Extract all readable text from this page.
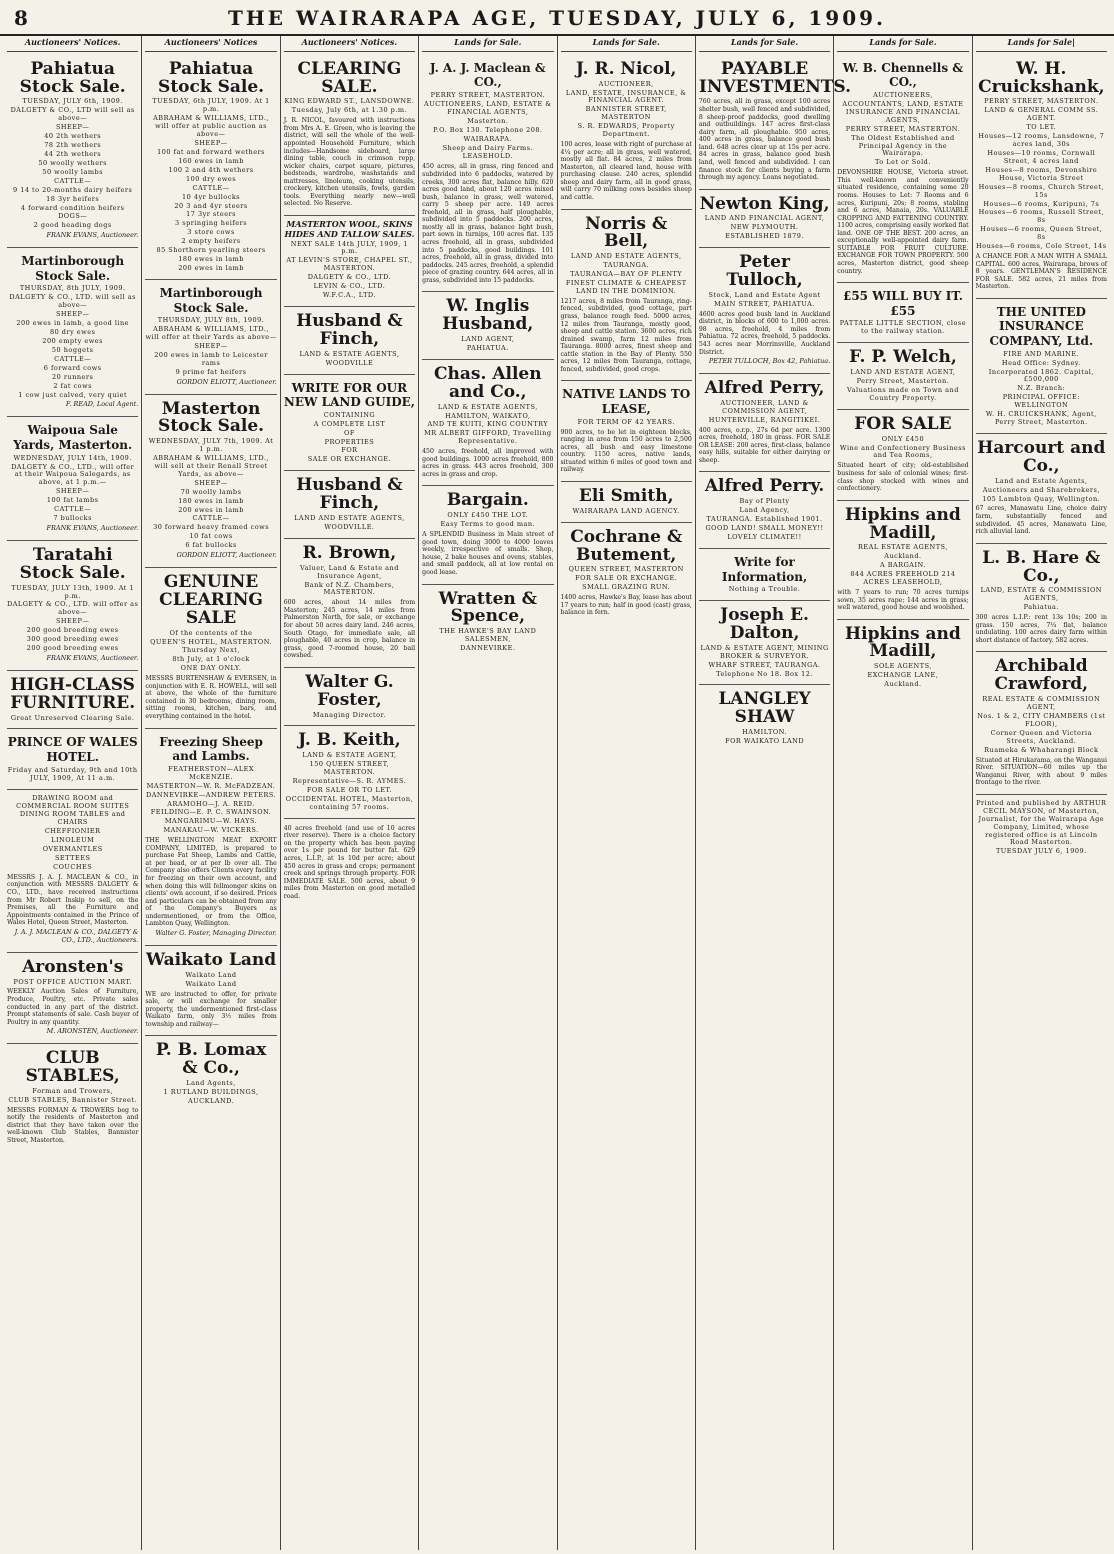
8	THE WAIRARAPA AGE, TUESDAY, JULY 6, 1909.
Auctioneers' Notices.
Pahiatua Stock Sale.
TUESDAY, JULY 6th, 1909.
DALGETY & CO., LTD will sell as above—
SHEEP—
40 2th wethers
78 2th wethers
44 2th wethers
50 woolly wethers
50 woolly lambs
CATTLE—
9 14 to 20-months dairy heifers
18 3yr heifers
4 forward condition heifers
DOGS—
2 good heading dogs
FRANK EVANS, Auctioneer.
Martinborough Stock Sale.
THURSDAY, 8th JULY, 1909.
DALGETY & CO., LTD. will sell as above—
SHEEP—
200 ewes in lamb, a good line
80 dry ewes
200 empty ewes
50 hoggets
CATTLE—
6 forward cows
20 runners
2 fat cows
1 cow just calved, very quiet
F. READ, Local Agent.
Waipoua Sale Yards, Masterton.
WEDNESDAY, JULY 14th, 1909.
DALGETY & CO., LTD., will offer at their Waipoua Salegards, as above, at 1 p.m.—
SHEEP—
100 fat lambs
CATTLE—
7 bullocks
FRANK EVANS, Auctioneer.
Taratahi Stock Sale.
TUESDAY, JULY 13th, 1909. At 1 p.m.
DALGETY & CO., LTD. will offer as above—
SHEEP—
200 good breeding ewes
300 good breeding ewes
200 good breeding ewes
FRANK EVANS, Auctioneer.
HIGH-CLASS FURNITURE.
Great Unreserved Clearing Sale.
PRINCE OF WALES HOTEL.
Friday and Saturday, 9th and 10th JULY, 1909, At 11 a.m.
DRAWING ROOM and COMMERCIAL ROOM SUITES
DINING ROOM TABLES and CHAIRS
CHEFFIONIER
LINOLEUM
OVERMANTLES
SETTEES
COUCHES

MESSRS J. A. J. MACLEAN & CO., in conjunction with MESSRS DALGETY & CO., LTD., have received instructions from Mr Robert Inskip to sell, on the Premises, all the Furniture and Appointments contained in the Prince of Wales Hotel, Queen Street, Masterton.

J. A. J. MACLEAN & CO., DALGETY & CO., LTD., Auctioneers.
Aronsten's
POST OFFICE AUCTION MART.

WEEKLY Auction Sales of Furniture, Produce, Poultry, etc. Private sales conducted in any part of the district. Prompt statements of sale. Cash buyer of Poultry in any quantity.

M. ARONSTEN, Auctioneer.
CLUB STABLES,
Forman and Trowers,
CLUB STABLES, Bannister Street.

MESSRS FORMAN & TROWERS beg to notify the residents of Masterton and district that they have taken over the well-known Club Stables, Bannister Street, Masterton.

Auctioneers' Notices
Pahiatua Stock Sale.
TUESDAY, 6th JULY, 1909. At 1 p.m.
ABRAHAM & WILLIAMS, LTD., will offer at public auction as above—
SHEEP—
100 fat and forward wethers
160 ewes in lamb
100 2 and 4th wethers
100 dry ewes
CATTLE—
10 4yr bullocks
20 3 and 4yr steers
17 3yr steers
3 springing heifers
3 store cows
2 empty heifers
85 Shorthorn yearling steers
180 ewes in lamb
200 ewes in lamb
Martinborough Stock Sale.
THURSDAY, JULY 8th, 1909.
ABRAHAM & WILLIAMS, LTD., will offer at their Yards as above—
SHEEP—
200 ewes in lamb to Leicester rams
9 prime fat heifers
GORDON ELIOTT, Auctioneer.
Masterton Stock Sale.
WEDNESDAY, JULY 7th, 1909. At 1 p.m.
ABRAHAM & WILLIAMS, LTD., will sell at their Renall Street Yards, as above—
SHEEP—
70 woolly lambs
180 ewes in lamb
200 ewes in lamb
CATTLE—
30 forward heavy framed cows
10 fat cows
6 fat bullocks
GORDON ELIOTT, Auctioneer.
GENUINE CLEARING SALE
Of the contents of the
QUEEN'S HOTEL, MASTERTON.
Thursday Next,
8th July, at 1 o'clock
ONE DAY ONLY.

MESSRS BURTENSHAW & EVERSEN, in conjunction with E. R. HOWELL, will sell at above, the whole of the furniture contained in 30 bedrooms, dining room, sitting rooms, kitchen, bars, and everything contained in the hotel.

Freezing Sheep and Lambs.
FEATHERSTON—ALEX McKENZIE.
MASTERTON—W. R. McFADZEAN.
DANNEVIRKE—ANDREW PETERS.
ARAMOHO—J. A. REID.
FEILDING—E. P. C. SWAINSON.
MANGARIMU—W. HAYS.
MANAKAU—W. VICKERS.

THE WELLINGTON MEAT EXPORT COMPANY, LIMITED, is prepared to purchase Fat Sheep, Lambs and Cattle, at per head, or at per lb over all. The Company also offers Clients every facility for freezing on their own account, and when doing this will fellmonger skins on clients' own account, if so desired. Prices and particulars can be obtained from any of the Company's Buyers as undermentioned, or from the Office, Lambton Quay, Wellington.

Walter G. Foster, Managing Director.
Waikato Land
Waikato Land
Waikato Land

WE are instructed to offer, for private sale, or will exchange for smaller property, the undermentioned first-class Waikato farm, only 3½ miles from township and railway—

P. B. Lomax & Co.,
Land Agents,
1 RUTLAND BUILDINGS,
AUCKLAND.
Auctioneers' Notices.
CLEARING SALE.
KING EDWARD ST., LANSDOWNE.
Tuesday, July 6th, at 1.30 p.m.

J. R. NICOL, favoured with instructions from Mrs A. E. Green, who is leaving the district, will sell the whole of the well-appointed Household Furniture, which includes—Handsome sideboard, large dining table, couch in crimson repp, wicker chairs, carpet square, pictures, bedsteads, wardrobe, washstands and mattresses, linoleum, cooking utensils, crockery, kitchen utensils, fowls, garden tools. Everything nearly new—well selected. No Reserve.

MASTERTON WOOL, SKINS HIDES AND TALLOW SALES.
NEXT SALE 14th JULY, 1909, 1 p.m.
AT LEVIN'S STORE, CHAPEL ST., MASTERTON.
DALGETY & CO., LTD.
LEVIN & CO., LTD.
W.F.C.A., LTD.
Husband & Finch,
LAND & ESTATE AGENTS,
WOODVILLE
WRITE FOR OUR NEW LAND GUIDE,
CONTAINING
A COMPLETE LIST
OF
PROPERTIES
FOR
SALE OR EXCHANGE.
Husband & Finch,
LAND AND ESTATE AGENTS,
WOODVILLE.
R. Brown,
Valuer, Land & Estate and Insurance Agent,
Bank of N.Z. Chambers, MASTERTON.

600 acres, about 14 miles from Masterton; 245 acres, 14 miles from Palmerston North, for sale, or exchange for about 50 acres dairy land. 246 acres, South Otago, for immediate sale, all ploughable, 40 acres in crop, balance in grass, good 7-roomed house, 20 bail cowshed.

Walter G. Foster,
Managing Director.
J. B. Keith,
LAND & ESTATE AGENT,
150 QUEEN STREET, MASTERTON.
Representative—S. R. AYMES.
FOR SALE OR TO LET.
OCCIDENTAL HOTEL, Masterton, containing 57 rooms.

40 acres freehold (and use of 10 acres river reserve). There is a choice factory on the property which has been paying over 1s per pound for butter fat. 629 acres, L.I.P., at 1s 10d per acre; about 450 acres in grass and crops; permanent creek and springs through property. FOR IMMEDIATE SALE. 500 acres, about 9 miles from Masterton on good metalled road.

Lands for Sale.
J. A. J. Maclean & CO.,
PERRY STREET, MASTERTON.
AUCTIONEERS, LAND, ESTATE & FINANCIAL AGENTS,
Masterton.
P.O. Box 130. Telephone 208.
WAIRARAPA.
Sheep and Dairy Farms.
LEASEHOLD.

450 acres, all in grass, ring fenced and subdivided into 6 paddocks, watered by creeks, 300 acres flat, balance hilly. 620 acres good land, about 120 acres mixed bush, balance in grass, well watered, carry 5 sheep per acre. 149 acres freehold, all in grass, half ploughable, subdivided into 5 paddocks. 200 acres, mostly all in grass, balance light bush, part sown in turnips, 100 acres flat. 135 acres freehold, all in grass, subdivided into 5 paddocks, good buildings. 101 acres, freehold, all in grass, divided into paddocks. 245 acres, freehold, a splendid piece of grazing country. 644 acres, all in grass, subdivided into 15 paddocks.

W. Inglis Husband,
LAND AGENT,
PAHIATUA.
Chas. Allen and Co.,
LAND & ESTATE AGENTS,
HAMILTON, WAIKATO,
AND TE KUITI, KING COUNTRY
MR ALBERT GIFFORD, Travelling Representative.

450 acres, freehold, all improved with good buildings. 1000 acres freehold, 800 acres in grass. 443 acres freehold, 300 acres in grass and crop.

Bargain.
ONLY £450 THE LOT.
Easy Terms to good man.

A SPLENDID Business in Main street of good town, doing 3000 to 4000 loaves weekly, irrespective of smalls. Shop, house, 2 bake houses and ovens, stables, and small paddock, all at low rental on good lease.

Wratten & Spence,
THE HAWKE'S BAY LAND SALESMEN,
DANNEVIRKE.
Lands for Sale.
J. R. Nicol,
AUCTIONEER,
LAND, ESTATE, INSURANCE, & FINANCIAL AGENT.
BANNISTER STREET, MASTERTON
S. R. EDWARDS, Property Department.

100 acres, lease with right of purchase at 4¼ per acre; all in grass, well watered, mostly all flat. 84 acres, 2 miles from Masterton, all cleared land, house with purchasing clause. 240 acres, splendid sheep and dairy farm, all in good grass, will carry 70 milking cows besides sheep and cattle.

Norris & Bell,
LAND AND ESTATE AGENTS,
TAURANGA.
TAURANGA—BAY OF PLENTY
FINEST CLIMATE & CHEAPEST LAND IN THE DOMINION.

1217 acres, 8 miles from Tauranga, ring-fenced, subdivided, good cottage, part grass, balance rough feed. 5000 acres, 12 miles from Tauranga, mostly good, sheep and cattle station. 3600 acres, rich drained swamp, farm 12 miles from Tauranga. 8000 acres, finest sheep and cattle station in the Bay of Plenty. 550 acres, 12 miles from Tauranga, cottage, fenced, subdivided, good crops.

NATIVE LANDS TO LEASE,
FOR TERM OF 42 YEARS.

900 acres, to be let in eighteen blocks, ranging in area from 150 acres to 2,500 acres, all bush and easy limestone country. 1150 acres, native lands, situated within 6 miles of good town and railway.

Eli Smith,
WAIRARAPA LAND AGENCY.
Cochrane & Butement,
QUEEN STREET, MASTERTON
FOR SALE OR EXCHANGE.
SMALL GRAZING RUN.

1400 acres, Hawke's Bay, lease has about 17 years to run; half in good (cast) grass, balance in fern.

Lands for Sale.
PAYABLE INVESTMENTS.

760 acres, all in grass, except 100 acres shelter bush, well fenced and subdivided, 8 sheep-proof paddocks, good dwelling and outbuildings. 147 acres first-class dairy farm, all ploughable. 950 acres, 400 acres in grass, balance good bush land. 648 acres clear up at 15s per acre. 84 acres in grass, balance good bush land, well fenced and subdivided. I can finance stock for clients buying a farm through my agency. Loans negotiated.

Newton King,
LAND AND FINANCIAL AGENT,
NEW PLYMOUTH.
ESTABLISHED 1879.
Peter Tulloch,
Stock, Land and Estate Agent
MAIN STREET, PAHIATUA.

4600 acres good bush land in Auckland district, in blocks of 600 to 1,000 acres. 98 acres, freehold, 4 miles from Pahiatua. 72 acres, freehold, 5 paddocks. 543 acres near Morrinsville, Auckland District.

PETER TULLOCH, Box 42, Pahiatua.
Alfred Perry,
AUCTIONEER, LAND & COMMISSION AGENT,
HUNTERVILLE, RANGITIKEI.

400 acres, o.r.p., 27s 6d per acre. 1300 acres, freehold, 180 in grass. FOR SALE OR LEASE: 200 acres, first-class, balance easy hills, suitable for either dairying or sheep.

Alfred Perry.
Bay of Plenty
Land Agency,
TAURANGA. Established 1901.
GOOD LAND! SMALL MONEY!!
LOVELY CLIMATE!!
Write for Information,
Nothing a Trouble.
Joseph E. Dalton,
LAND & ESTATE AGENT, MINING BROKER & SURVEYOR.
WHARF STREET, TAURANGA.
Telephone No 18. Box 12.
LANGLEY SHAW
HAMILTON.
FOR WAIKATO LAND
Lands for Sale.
W. B. Chennells & CO.,
AUCTIONEERS,
ACCOUNTANTS, LAND, ESTATE INSURANCE AND FINANCIAL AGENTS,
PERRY STREET, MASTERTON.
The Oldest Established and Principal Agency in the Wairarapa.
To Let or Sold.

DEVONSHIRE HOUSE, Victoria street. This well-known and conveniently situated residence, containing some 20 rooms. Houses to Let: 7 Rooms and 6 acres, Kuripuni, 20s; 8 rooms, stabling and 6 acres, Manaia, 20s. VALUABLE CROPPING AND FATTENING COUNTRY. 1100 acres, comprising easily worked flat land. ONE OF THE BEST. 200 acres, an exceptionally well-appointed dairy farm. SUITABLE FOR FRUIT CULTURE. EXCHANGE FOR TOWN PROPERTY. 500 acres, Masterton district, good sheep country.

£55 WILL BUY IT. £55
PATTALE LITTLE SECTION, close to the railway station.
F. P. Welch,
LAND AND ESTATE AGENT,
Perry Street, Masterton.
Valuations made on Town and Country Property.
FOR SALE
ONLY £450
Wine and Confectionery Business and Tea Rooms,

Situated heart of city; old-established business for sale of colonial wines; first-class shop stocked with wines and confectionery.

Hipkins and Madill,
REAL ESTATE AGENTS,
Auckland.
A BARGAIN.
844 ACRES FREEHOLD 214 ACRES LEASEHOLD,

with 7 years to run; 70 acres turnips sown, 35 acres rape; 144 acres in grass; well watered, good house and woolshed.

Hipkins and Madill,
SOLE AGENTS,
EXCHANGE LANE,
Auckland.
Lands for Sale|
W. H. Cruickshank,
PERRY STREET, MASTERTON.
LAND & GENERAL COMM SS. AGENT.
TO LET.
Houses—12 rooms, Lansdowne, 7 acres land, 30s
Houses—10 rooms, Cornwall Street, 4 acres land
Houses—8 rooms, Devonshire House, Victoria Street
Houses—8 rooms, Church Street, 15s
Houses—6 rooms, Kuripuni, 7s
Houses—6 rooms, Russell Street, 8s
Houses—6 rooms, Queen Street, 8s
Houses—6 rooms, Cole Street, 14s

A CHANCE FOR A MAN WITH A SMALL CAPITAL. 600 acres, Wairarapa, brows of 8 years. GENTLEMAN'S RESIDENCE FOR SALE. 582 acres, 21 miles from Masterton.

THE UNITED INSURANCE COMPANY, Ltd.
FIRE AND MARINE.
Head Office: Sydney.
Incorporated 1862. Capital, £500,000
N.Z. Branch:
PRINCIPAL OFFICE: WELLINGTON
W. H. CRUICKSHANK, Agent, Perry Street, Masterton.
Harcourt and Co.,
Land and Estate Agents,
Auctioneers and Sharebrokers,
105 Lambton Quay, Wellington.

67 acres, Manawatu Line, choice dairy farm, substantially fenced and subdivided. 45 acres, Manawatu Line, rich alluvial land.

L. B. Hare & Co.,
LAND, ESTATE & COMMISSION AGENTS,
Pahiatua.

300 acres L.I.P.: rent 13s 10s; 200 in grass. 150 acres, 7¼ flat, balance undulating. 100 acres dairy farm within short distance of factory. 582 acres.

Archibald Crawford,
REAL ESTATE & COMMISSION AGENT,
Nos. 1 & 2, CITY CHAMBERS (1st FLOOR),
Corner Queen and Victoria Streets, Auckland.
Ruameka & Whaharangi Block

Situated at Hirukarama, on the Wanganui River. SITUATION—60 miles up the Wanganui River, with about 9 miles frontage to the river.

Printed and published by ARTHUR CECIL MAYSON, of Masterton, Journalist, for the Wairarapa Age Company, Limited, whose registered office is at Lincoln Road Masterton.
TUESDAY JULY 6, 1909.
